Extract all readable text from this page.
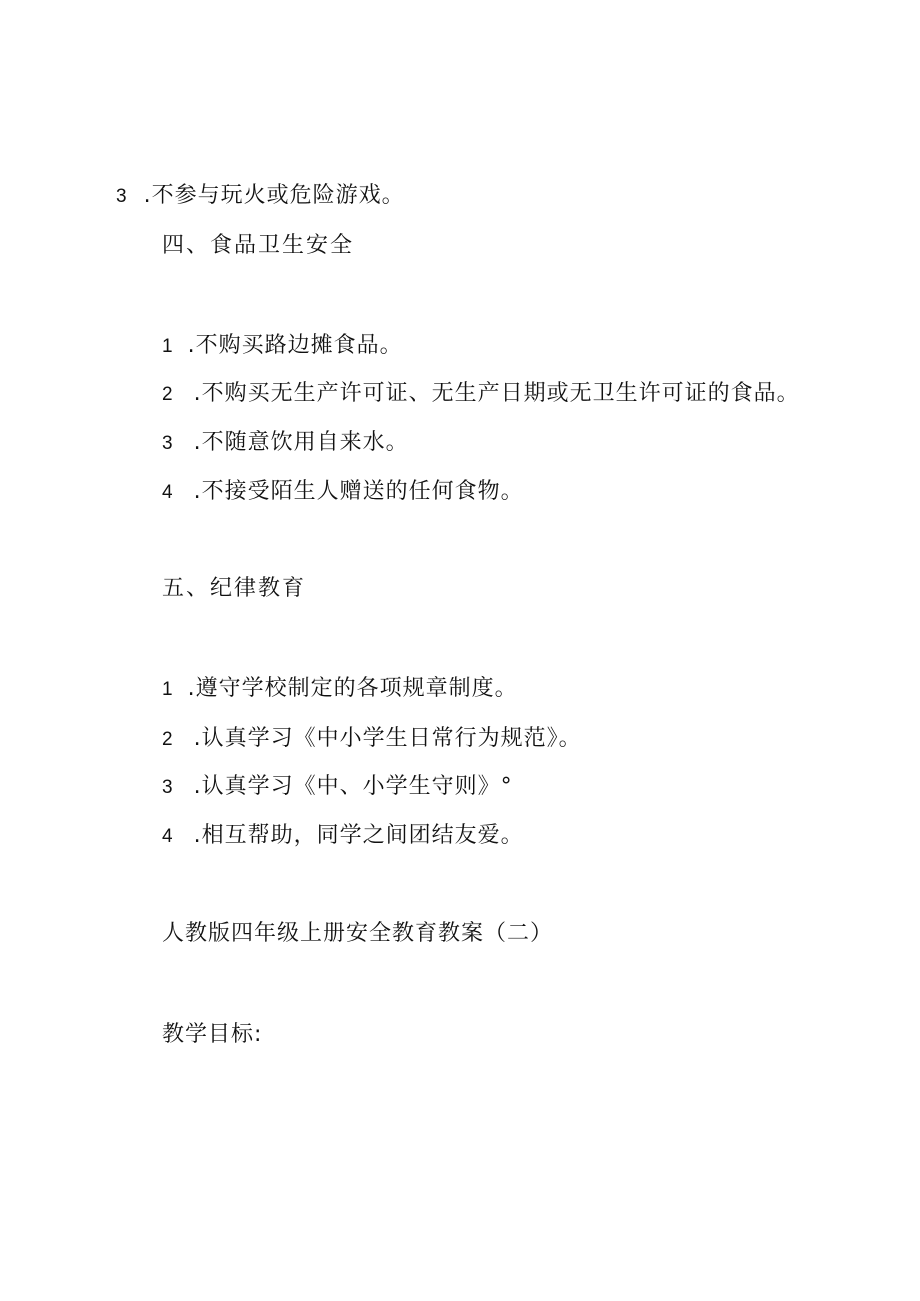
3 .不参与玩火或危险游戏。
四、食品卫生安全
1 .不购买路边摊食品。
2 .不购买无生产许可证、无生产日期或无卫生许可证的食品。
3 .不随意饮用自来水。
4 .不接受陌生人赠送的任何食物。
五、纪律教育
1 .遵守学校制定的各项规章制度。
2 .认真学习《中小学生日常行为规范》。
3 .认真学习《中、小学生守则》°
4 .相互帮助，同学之间团结友爱。
人教版四年级上册安全教育教案（二）
教学目标:
